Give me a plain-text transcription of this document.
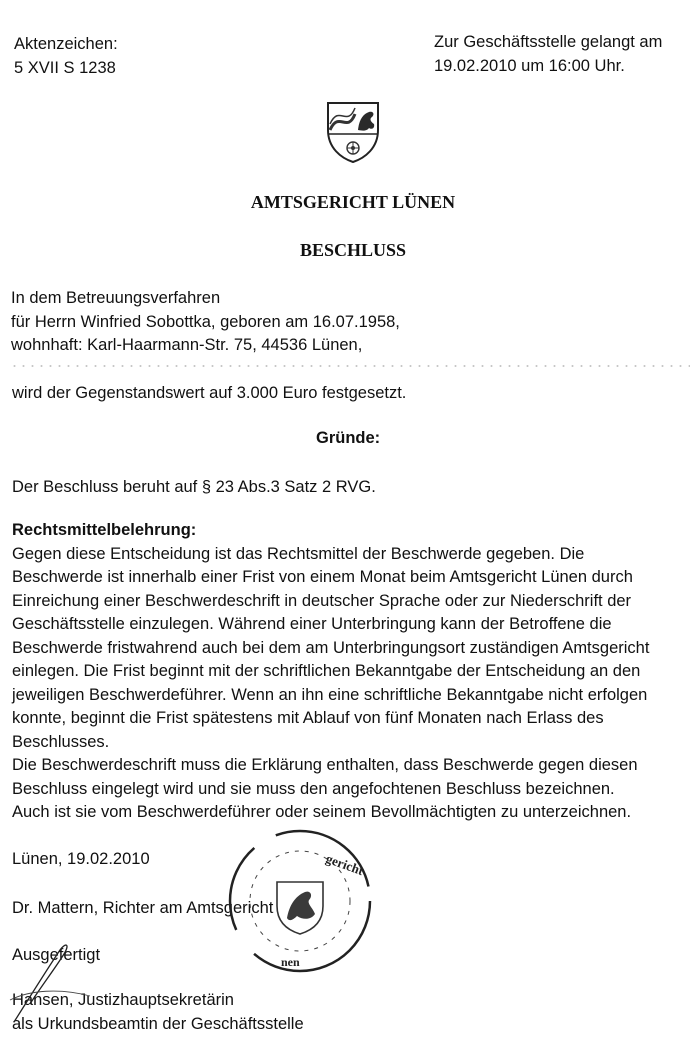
Aktenzeichen:
5 XVII S 1238
Zur Geschäftsstelle gelangt am
19.02.2010 um 16:00 Uhr.
AMTSGERICHT LÜNEN
BESCHLUSS
In dem Betreuungsverfahren
für Herrn Winfried Sobottka, geboren am 16.07.1958,
wohnhaft: Karl-Haarmann-Str. 75, 44536 Lünen,
wird der Gegenstandswert auf 3.000 Euro festgesetzt.
Gründe:
Der Beschluss beruht auf § 23 Abs.3 Satz 2 RVG.
Rechtsmittelbelehrung:
Gegen diese Entscheidung ist das Rechtsmittel der Beschwerde gegeben. Die
Beschwerde ist innerhalb einer Frist von einem Monat beim Amtsgericht Lünen durch
Einreichung einer Beschwerdeschrift in deutscher Sprache oder zur Niederschrift der
Geschäftsstelle einzulegen. Während einer Unterbringung kann der Betroffene die
Beschwerde fristwahrend auch bei dem am Unterbringungsort zuständigen Amtsgericht
einlegen. Die Frist beginnt mit der schriftlichen Bekanntgabe der Entscheidung an den
jeweiligen Beschwerdeführer. Wenn an ihn eine schriftliche Bekanntgabe nicht erfolgen
konnte, beginnt die Frist spätestens mit Ablauf von fünf Monaten nach Erlass des
Beschlusses.
Die Beschwerdeschrift muss die Erklärung enthalten, dass Beschwerde gegen diesen
Beschluss eingelegt wird und sie muss den angefochtenen Beschluss bezeichnen.
Auch ist sie vom Beschwerdeführer oder seinem Bevollmächtigten zu unterzeichnen.
Lünen, 19.02.2010
Dr. Mattern, Richter am Amtsgericht
Ausgefertigt
Hansen, Justizhauptsekretärin
als Urkundsbeamtin der Geschäftsstelle
gericht
nen
